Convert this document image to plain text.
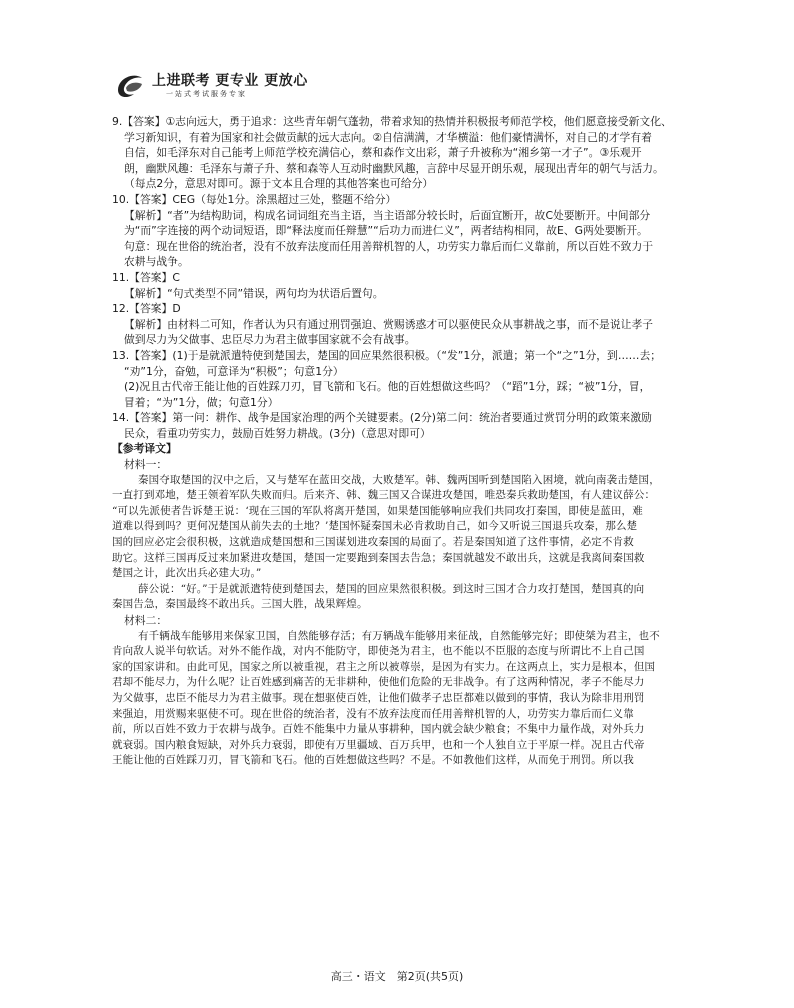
上进联考 更专业 更放心
一站式考试服务专家
9.【答案】①志向远大，勇于追求：这些青年朝气蓬勃，带着求知的热情并积极报考师范学校，他们愿意接受新文化、
学习新知识，有着为国家和社会做贡献的远大志向。②自信满满，才华横溢：他们豪情满怀，对自己的才学有着
自信，如毛泽东对自己能考上师范学校充满信心，蔡和森作文出彩，萧子升被称为“湘乡第一才子”。③乐观开
朗，幽默风趣：毛泽东与萧子升、蔡和森等人互动时幽默风趣，言辞中尽显开朗乐观，展现出青年的朝气与活力。
（每点2分，意思对即可。源于文本且合理的其他答案也可给分）
10.【答案】CEG（每处1分。涂黑超过三处，整题不给分）
【解析】“者”为结构助词，构成名词词组充当主语，当主语部分较长时，后面宜断开，故C处要断开。中间部分
为“而”字连接的两个动词短语，即“释法度而任辩慧”“后功力而进仁义”，两者结构相同，故E、G两处要断开。
句意：现在世俗的统治者，没有不放弃法度而任用善辩机智的人，功劳实力靠后而仁义靠前，所以百姓不致力于
农耕与战争。
11.【答案】C
【解析】“句式类型不同”错误，两句均为状语后置句。
12.【答案】D
【解析】由材料二可知，作者认为只有通过刑罚强迫、赏赐诱惑才可以驱使民众从事耕战之事，而不是说让孝子
做到尽力为父做事、忠臣尽力为君主做事国家就不会有战事。
13.【答案】(1)于是就派遣特使到楚国去，楚国的回应果然很积极。（“发”1分，派遣；第一个“之”1分，到……去；
“劝”1分，奋勉，可意译为“积极”；句意1分）
(2)况且古代帝王能让他的百姓踩刀刃，冒飞箭和飞石。他的百姓想做这些吗？（“蹈”1分，踩；“被”1分，冒，
冒着；“为”1分，做；句意1分）
14.【答案】第一问：耕作、战争是国家治理的两个关键要素。(2分)第二问：统治者要通过赏罚分明的政策来激励
民众，看重功劳实力，鼓励百姓努力耕战。(3分)（意思对即可）
【参考译文】
材料一：
秦国夺取楚国的汉中之后，又与楚军在蓝田交战，大败楚军。韩、魏两国听到楚国陷入困境，就向南袭击楚国，
一直打到邓地，楚王领着军队失败而归。后来齐、韩、魏三国又合谋进攻楚国，唯恐秦兵救助楚国，有人建议薛公：
“可以先派使者告诉楚王说：‘现在三国的军队将离开楚国，如果楚国能够响应我们共同攻打秦国，即使是蓝田，难
道难以得到吗？更何况楚国从前失去的土地？’楚国怀疑秦国未必肯救助自己，如今又听说三国退兵攻秦，那么楚
国的回应必定会很积极，这就造成楚国想和三国谋划进攻秦国的局面了。若是秦国知道了这件事情，必定不肯救
助它。这样三国再反过来加紧进攻楚国，楚国一定要跑到秦国去告急；秦国就越发不敢出兵，这就是我离间秦国救
楚国之计，此次出兵必建大功。”
薛公说：“好。”于是就派遣特使到楚国去，楚国的回应果然很积极。到这时三国才合力攻打楚国，楚国真的向
秦国告急，秦国最终不敢出兵。三国大胜，战果辉煌。
材料二：
有千辆战车能够用来保家卫国，自然能够存活；有万辆战车能够用来征战，自然能够完好；即使桀为君主，也不
肯向敌人说半句软话。对外不能作战，对内不能防守，即使尧为君主，也不能以不臣服的态度与所谓比不上自己国
家的国家讲和。由此可见，国家之所以被重视，君主之所以被尊崇，是因为有实力。在这两点上，实力是根本，但国
君却不能尽力，为什么呢？让百姓感到痛苦的无非耕种，使他们危险的无非战争。有了这两种情况，孝子不能尽力
为父做事，忠臣不能尽力为君主做事。现在想驱使百姓，让他们做孝子忠臣都难以做到的事情，我认为除非用刑罚
来强迫，用赏赐来驱使不可。现在世俗的统治者，没有不放弃法度而任用善辩机智的人，功劳实力靠后而仁义靠
前，所以百姓不致力于农耕与战争。百姓不能集中力量从事耕种，国内就会缺少粮食；不集中力量作战，对外兵力
就衰弱。国内粮食短缺，对外兵力衰弱，即使有万里疆域、百万兵甲，也和一个人独自立于平原一样。况且古代帝
王能让他的百姓踩刀刃，冒飞箭和飞石。他的百姓想做这些吗？不是。不如教他们这样，从而免于刑罚。所以我
高三・语文　第2页(共5页)
